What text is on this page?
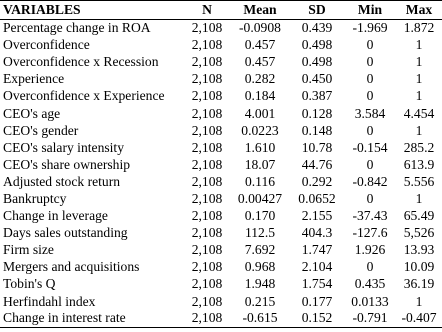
VARIABLES	N	Mean	SD	Min	Max
Percentage change in ROA	2,108	-0.0908	0.439	-1.969	1.872
Overconfidence	2,108	0.457	0.498	0	1
Overconfidence x Recession	2,108	0.457	0.498	0	1
Experience	2,108	0.282	0.450	0	1
Overconfidence x Experience	2,108	0.184	0.387	0	1
CEO's age	2,108	4.001	0.128	3.584	4.454
CEO's gender	2,108	0.0223	0.148	0	1
CEO's salary intensity	2,108	1.610	10.78	-0.154	285.2
CEO's share ownership	2,108	18.07	44.76	0	613.9
Adjusted stock return	2,108	0.116	0.292	-0.842	5.556
Bankruptcy	2,108	0.00427	0.0652	0	1
Change in leverage	2,108	0.170	2.155	-37.43	65.49
Days sales outstanding	2,108	112.5	404.3	-127.6	5,526
Firm size	2,108	7.692	1.747	1.926	13.93
Mergers and acquisitions	2,108	0.968	2.104	0	10.09
Tobin's Q	2,108	1.948	1.754	0.435	36.19
Herfindahl index	2,108	0.215	0.177	0.0133	1
Change in interest rate	2,108	-0.615	0.152	-0.791	-0.407
